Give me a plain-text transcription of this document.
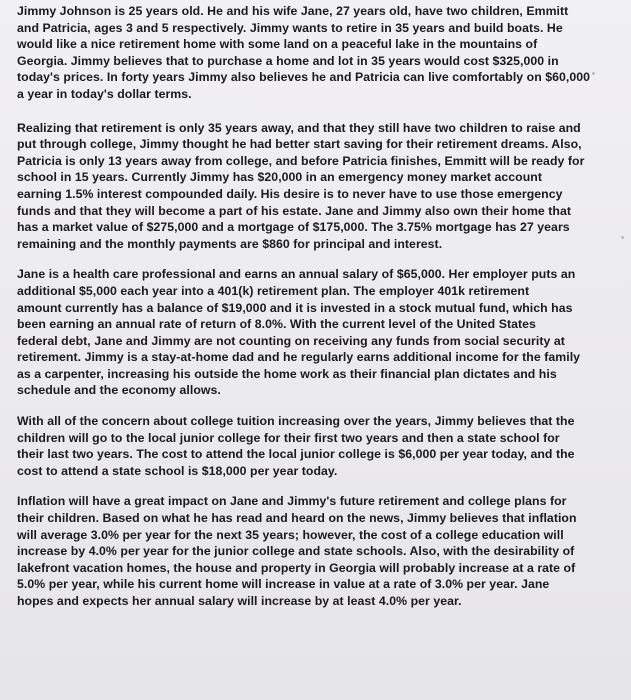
Jimmy Johnson is 25 years old. He and his wife Jane, 27 years old, have two children, Emmitt
and Patricia, ages 3 and 5 respectively. Jimmy wants to retire in 35 years and build boats. He
would like a nice retirement home with some land on a peaceful lake in the mountains of
Georgia. Jimmy believes that to purchase a home and lot in 35 years would cost $325,000 in
today's prices. In forty years Jimmy also believes he and Patricia can live comfortably on $60,000
a year in today's dollar terms.

Realizing that retirement is only 35 years away, and that they still have two children to raise and
put through college, Jimmy thought he had better start saving for their retirement dreams. Also,
Patricia is only 13 years away from college, and before Patricia finishes, Emmitt will be ready for
school in 15 years. Currently Jimmy has $20,000 in an emergency money market account
earning 1.5% interest compounded daily. His desire is to never have to use those emergency
funds and that they will become a part of his estate. Jane and Jimmy also own their home that
has a market value of $275,000 and a mortgage of $175,000. The 3.75% mortgage has 27 years
remaining and the monthly payments are $860 for principal and interest.

Jane is a health care professional and earns an annual salary of $65,000. Her employer puts an
additional $5,000 each year into a 401(k) retirement plan. The employer 401k retirement
amount currently has a balance of $19,000 and it is invested in a stock mutual fund, which has
been earning an annual rate of return of 8.0%. With the current level of the United States
federal debt, Jane and Jimmy are not counting on receiving any funds from social security at
retirement. Jimmy is a stay-at-home dad and he regularly earns additional income for the family
as a carpenter, increasing his outside the home work as their financial plan dictates and his
schedule and the economy allows.

With all of the concern about college tuition increasing over the years, Jimmy believes that the
children will go to the local junior college for their first two years and then a state school for
their last two years. The cost to attend the local junior college is $6,000 per year today, and the
cost to attend a state school is $18,000 per year today.

Inflation will have a great impact on Jane and Jimmy's future retirement and college plans for
their children. Based on what he has read and heard on the news, Jimmy believes that inflation
will average 3.0% per year for the next 35 years; however, the cost of a college education will
increase by 4.0% per year for the junior college and state schools. Also, with the desirability of
lakefront vacation homes, the house and property in Georgia will probably increase at a rate of
5.0% per year, while his current home will increase in value at a rate of 3.0% per year. Jane
hopes and expects her annual salary will increase by at least 4.0% per year.
